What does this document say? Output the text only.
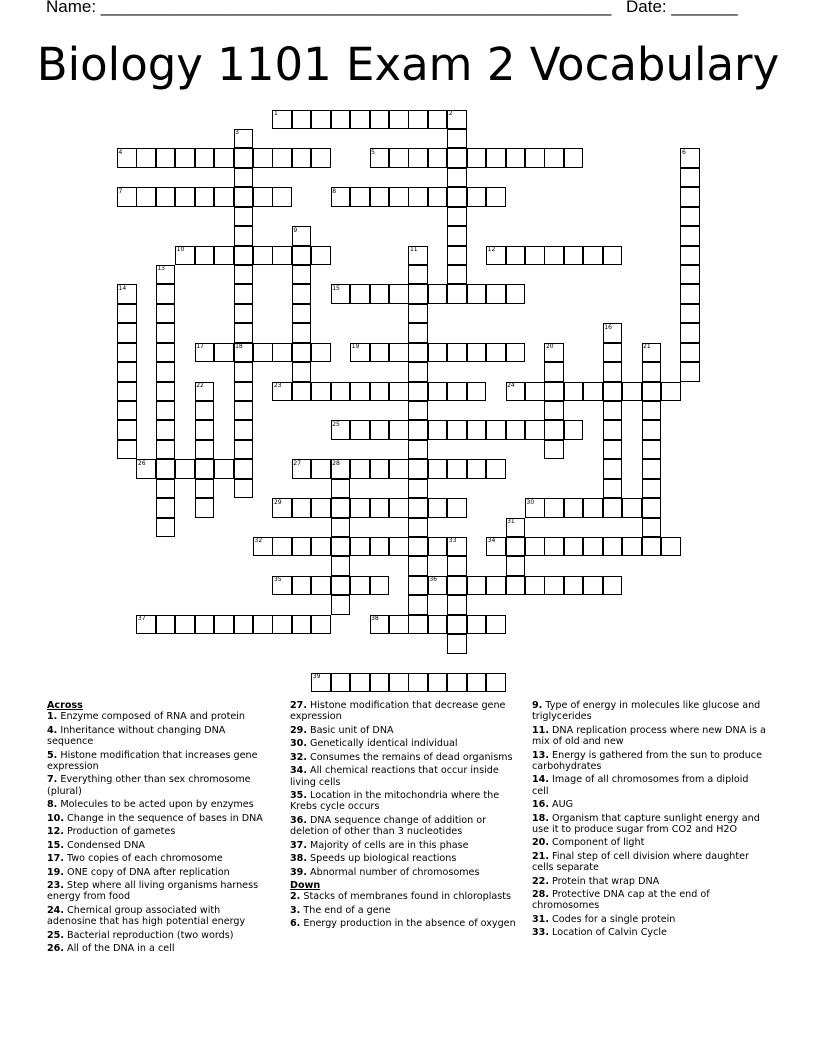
Name: ______________________________________________________ Date: _______
Biology 1101 Exam 2 Vocabulary
1	2
3
4	5	6
7	8
9
10	11	12
13
14	15
16
17	18	19	20	21
22	23	24
25
26	27	28
29	30
31
32	33	34
35	36
37	38
39
Across
1. Enzyme composed of RNA and protein
4. Inheritance without changing DNA sequence
5. Histone modification that increases gene expression
7. Everything other than sex chromosome (plural)
8. Molecules to be acted upon by enzymes
10. Change in the sequence of bases in DNA
12. Production of gametes
15. Condensed DNA
17. Two copies of each chromosome
19. ONE copy of DNA after replication
23. Step where all living organisms harness energy from food
24. Chemical group associated with adenosine that has high potential energy
25. Bacterial reproduction (two words)
26. All of the DNA in a cell
27. Histone modification that decrease gene expression
29. Basic unit of DNA
30. Genetically identical individual
32. Consumes the remains of dead organisms
34. All chemical reactions that occur inside living cells
35. Location in the mitochondria where the Krebs cycle occurs
36. DNA sequence change of addition or deletion of other than 3 nucleotides
37. Majority of cells are in this phase
38. Speeds up biological reactions
39. Abnormal number of chromosomes
Down
2. Stacks of membranes found in chloroplasts
3. The end of a gene
6. Energy production in the absence of oxygen
9. Type of energy in molecules like glucose and triglycerides
11. DNA replication process where new DNA is a mix of old and new
13. Energy is gathered from the sun to produce carbohydrates
14. Image of all chromosomes from a diploid cell
16. AUG
18. Organism that capture sunlight energy and use it to produce sugar from CO2 and H2O
20. Component of light
21. Final step of cell division where daughter cells separate
22. Protein that wrap DNA
28. Protective DNA cap at the end of chromosomes
31. Codes for a single protein
33. Location of Calvin Cycle
